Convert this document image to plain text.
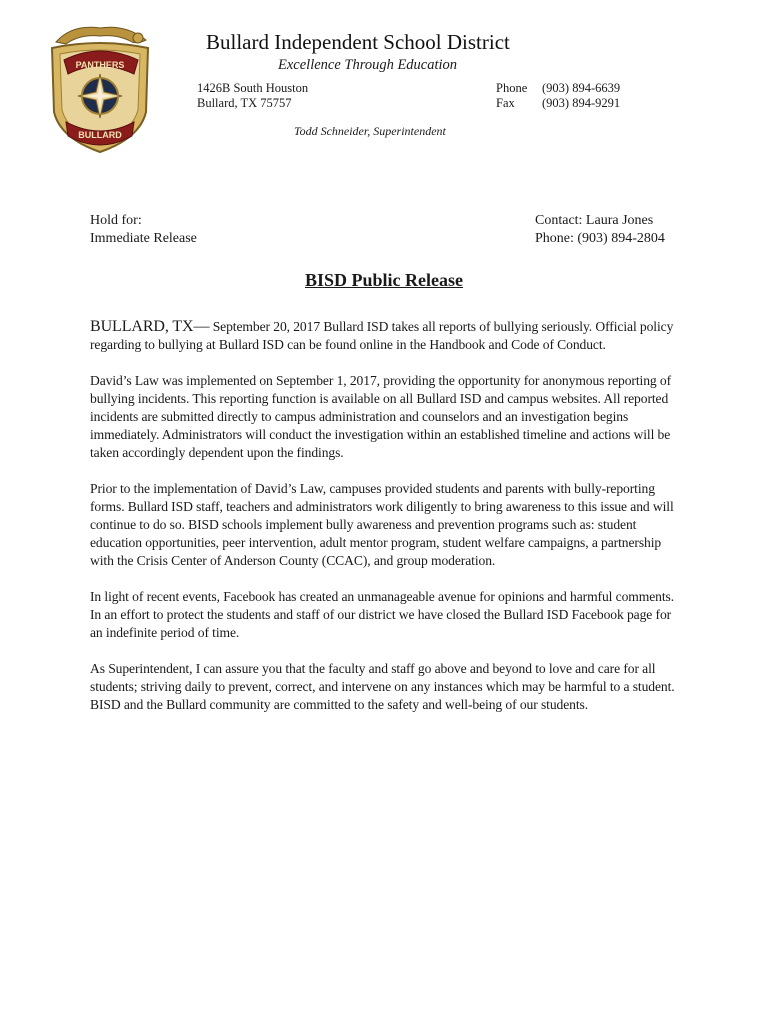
PANTHERS
BULLARD
Bullard Independent School District
Excellence Through Education
1426B South Houston
Bullard, TX 75757
Phone (903) 894-6639
Fax (903) 894-9291
Todd Schneider, Superintendent
Hold for:
Immediate Release
Contact: Laura Jones
Phone: (903) 894-2804
BISD Public Release

BULLARD, TX— September 20, 2017 Bullard ISD takes all reports of bullying seriously. Official policy regarding to bullying at Bullard ISD can be found online in the Handbook and Code of Conduct.

David’s Law was implemented on September 1, 2017, providing the opportunity for anonymous reporting of bullying incidents. This reporting function is available on all Bullard ISD and campus websites. All reported incidents are submitted directly to campus administration and counselors and an investigation begins immediately. Administrators will conduct the investigation within an established timeline and actions will be taken accordingly dependent upon the findings.

Prior to the implementation of David’s Law, campuses provided students and parents with bully-reporting forms. Bullard ISD staff, teachers and administrators work diligently to bring awareness to this issue and will continue to do so. BISD schools implement bully awareness and prevention programs such as: student education opportunities, peer intervention, adult mentor program, student welfare campaigns, a partnership with the Crisis Center of Anderson County (CCAC), and group moderation.

In light of recent events, Facebook has created an unmanageable avenue for opinions and harmful comments. In an effort to protect the students and staff of our district we have closed the Bullard ISD Facebook page for an indefinite period of time.

As Superintendent, I can assure you that the faculty and staff go above and beyond to love and care for all students; striving daily to prevent, correct, and intervene on any instances which may be harmful to a student. BISD and the Bullard community are committed to the safety and well-being of our students.
